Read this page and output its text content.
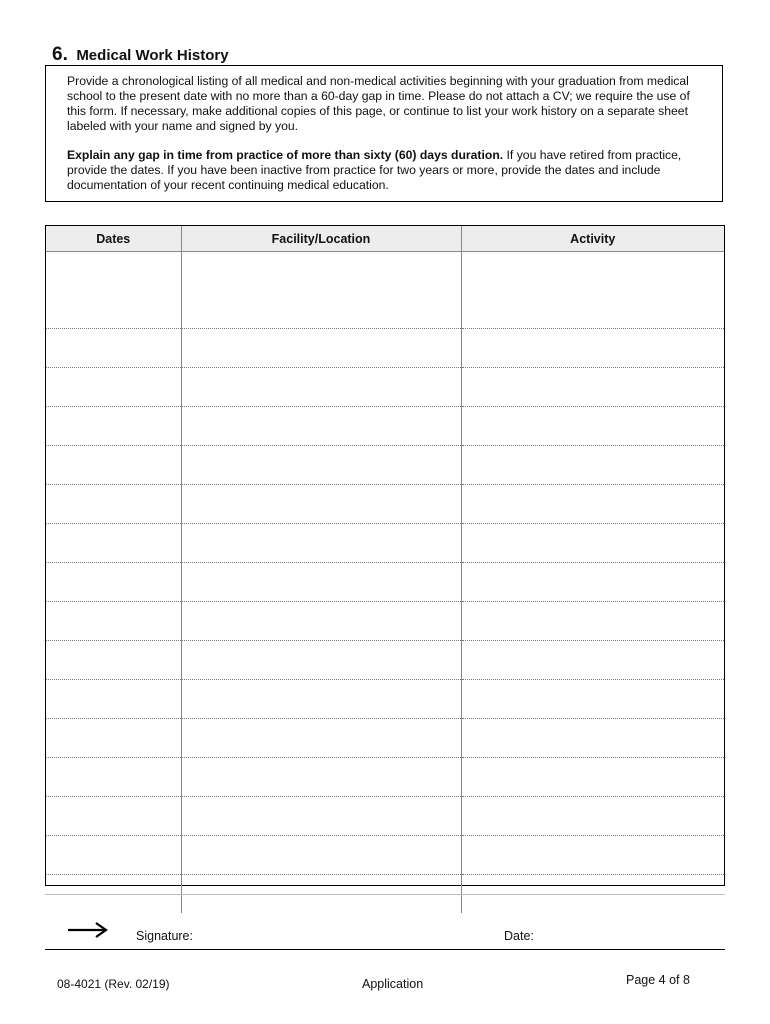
6. Medical Work History

Provide a chronological listing of all medical and non-medical activities beginning with your graduation from medical school to the present date with no more than a 60-day gap in time. Please do not attach a CV; we require the use of this form. If necessary, make additional copies of this page, or continue to list your work history on a separate sheet labeled with your name and signed by you.

Explain any gap in time from practice of more than sixty (60) days duration. If you have retired from practice, provide the dates. If you have been inactive from practice for two years or more, provide the dates and include documentation of your recent continuing medical education.

Dates	Facility/Location	Activity

Signature:	Date:
08-4021 (Rev. 02/19)	Application	Page 4 of 8
